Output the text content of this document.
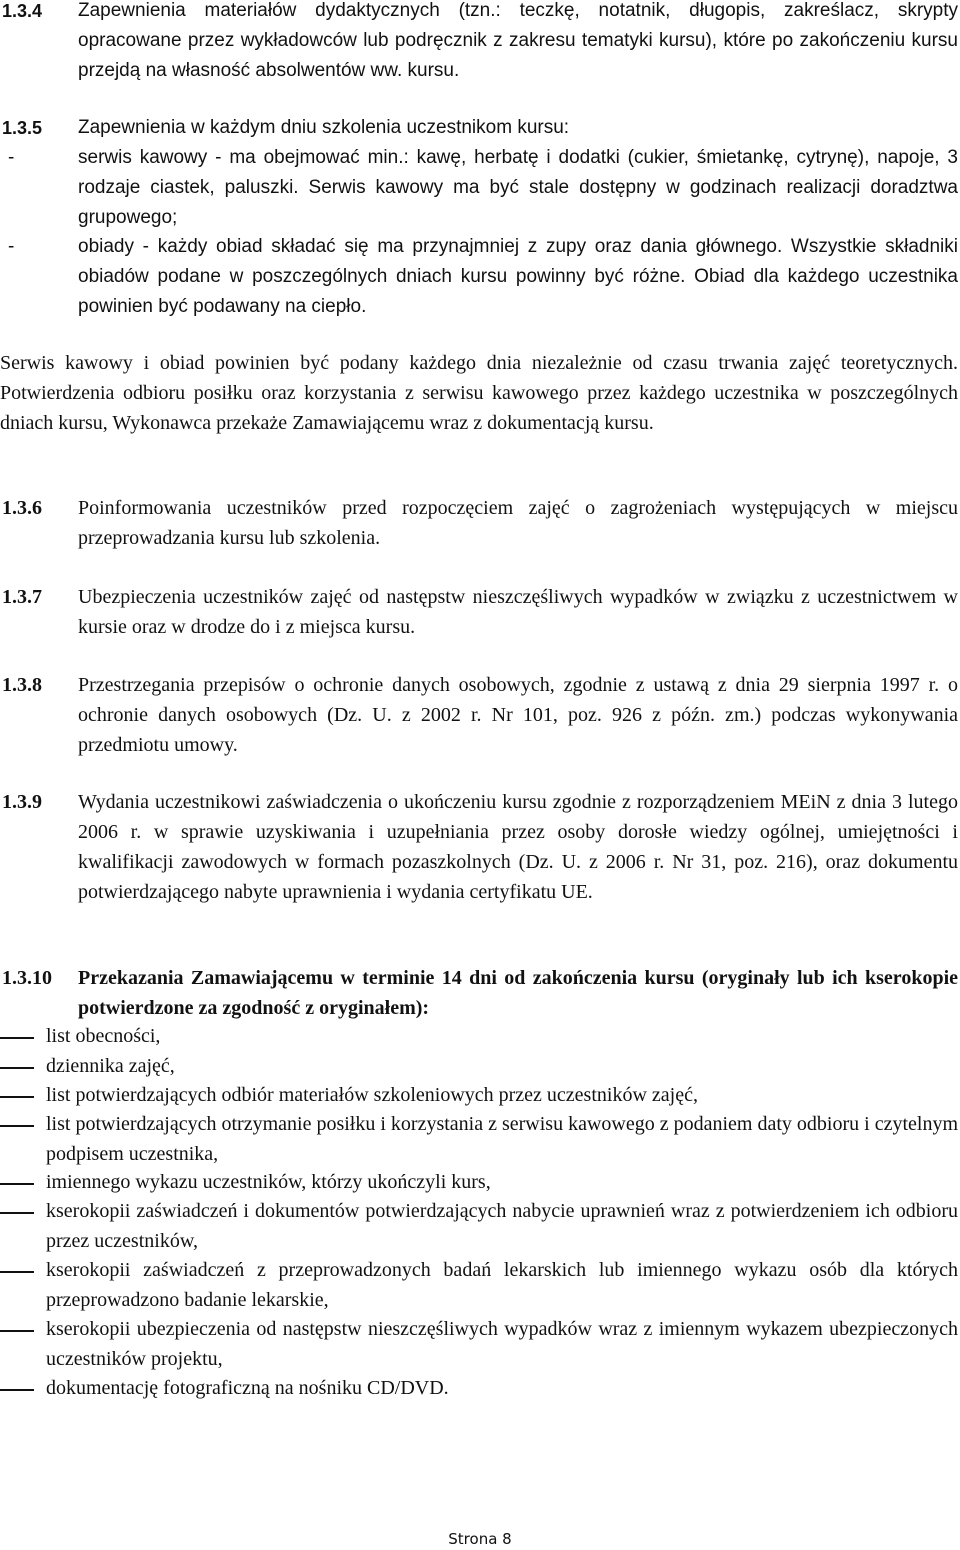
1.3.4 Zapewnienia materiałów dydaktycznych (tzn.: teczkę, notatnik, długopis, zakreślacz, skrypty opracowane przez wykładowców lub podręcznik z zakresu tematyki kursu), które po zakończeniu kursu przejdą na własność absolwentów ww. kursu.
1.3.5 Zapewnienia w każdym dniu szkolenia uczestnikom kursu:
-	serwis kawowy - ma obejmować min.: kawę, herbatę i dodatki (cukier, śmietankę, cytrynę), napoje, 3 rodzaje ciastek, paluszki. Serwis kawowy ma być stale dostępny w godzinach realizacji doradztwa grupowego;
-	obiady - każdy obiad składać się ma przynajmniej z zupy oraz dania głównego. Wszystkie składniki obiadów podane w poszczególnych dniach kursu powinny być różne. Obiad dla każdego uczestnika powinien być podawany na ciepło.
Serwis kawowy i obiad powinien być podany każdego dnia niezależnie od czasu trwania zajęć teoretycznych. Potwierdzenia odbioru posiłku oraz korzystania z serwisu kawowego przez każdego uczestnika w poszczególnych dniach kursu, Wykonawca przekaże Zamawiającemu wraz z dokumentacją kursu.
1.3.6 Poinformowania uczestników przed rozpoczęciem zajęć o zagrożeniach występujących w miejscu przeprowadzania kursu lub szkolenia.
1.3.7 Ubezpieczenia uczestników zajęć od następstw nieszczęśliwych wypadków w związku z uczestnictwem w kursie oraz w drodze do i z miejsca kursu.
1.3.8 Przestrzegania przepisów o ochronie danych osobowych, zgodnie z ustawą z dnia 29 sierpnia 1997 r. o ochronie danych osobowych (Dz. U. z 2002 r. Nr 101, poz. 926 z późn. zm.) podczas wykonywania przedmiotu umowy.
1.3.9 Wydania uczestnikowi zaświadczenia o ukończeniu kursu zgodnie z rozporządzeniem MEiN z dnia 3 lutego 2006 r. w sprawie uzyskiwania i uzupełniania przez osoby dorosłe wiedzy ogólnej, umiejętności i kwalifikacji zawodowych w formach pozaszkolnych (Dz. U. z 2006 r. Nr 31, poz. 216), oraz dokumentu potwierdzającego nabyte uprawnienia i wydania certyfikatu UE.
1.3.10 Przekazania Zamawiającemu w terminie 14 dni od zakończenia kursu (oryginały lub ich kserokopie potwierdzone za zgodność z oryginałem):
list obecności,
dziennika zajęć,
list potwierdzających odbiór materiałów szkoleniowych przez uczestników zajęć,
list potwierdzających otrzymanie posiłku i korzystania z serwisu kawowego z podaniem daty odbioru i czytelnym podpisem uczestnika,
imiennego wykazu uczestników, którzy ukończyli kurs,
kserokopii zaświadczeń i dokumentów potwierdzających nabycie uprawnień wraz z potwierdzeniem ich odbioru przez uczestników,
kserokopii zaświadczeń z przeprowadzonych badań lekarskich lub imiennego wykazu osób dla których przeprowadzono badanie lekarskie,
kserokopii ubezpieczenia od następstw nieszczęśliwych wypadków wraz z imiennym wykazem ubezpieczonych uczestników projektu,
dokumentację fotograficzną na nośniku CD/DVD.
Strona 8
